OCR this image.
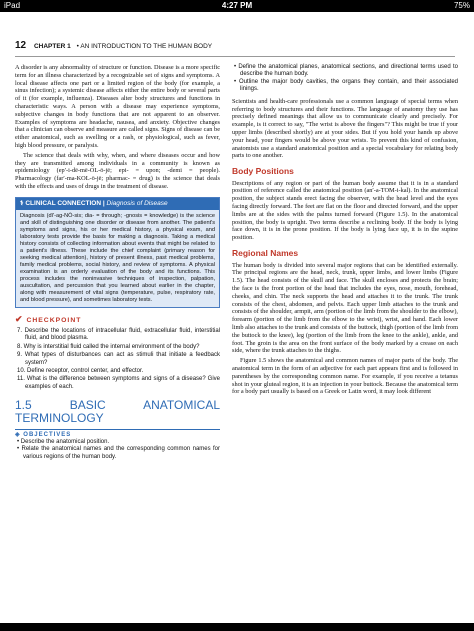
iPad	4:27 PM	75%
12 CHAPTER 1 • AN INTRODUCTION TO THE HUMAN BODY

A disorder is any abnormality of structure or function. Disease is a more specific term for an illness characterized by a recognizable set of signs and symptoms. A local disease affects one part or a limited region of the body (for example, a sinus infection); a systemic disease affects either the entire body or several parts of it (for example, influenza). Diseases alter body structures and functions in characteristic ways. A person with a disease may experience symptoms, subjective changes in body functions that are not apparent to an observer. Examples of symptoms are headache, nausea, and anxiety. Objective changes that a clinician can observe and measure are called signs. Signs of disease can be either anatomical, such as swelling or a rash, or physiological, such as fever, high blood pressure, or paralysis.

The science that deals with why, when, and where diseases occur and how they are transmitted among individuals in a community is known as epidemiology (ep′-i-dē-mē-OL-ō-jē; epi- = upon; -demi = people). Pharmacology (far′-ma-KOL-ō-jē; pharmac- = drug) is the science that deals with the effects and uses of drugs in the treatment of disease.

⚕ CLINICAL CONNECTION | Diagnosis of Disease
Diagnosis (dī′-ag-NŌ-sis; dia- = through; -gnosis = knowledge) is the science and skill of distinguishing one disorder or disease from another. The patient's symptoms and signs, his or her medical history, a physical exam, and laboratory tests provide the basis for making a diagnosis. Taking a medical history consists of collecting information about events that might be related to a patient's illness. These include the chief complaint (primary reason for seeking medical attention), history of present illness, past medical problems, family medical problems, social history, and review of symptoms. A physical examination is an orderly evaluation of the body and its functions. This process includes the noninvasive techniques of inspection, palpation, auscultation, and percussion that you learned about earlier in the chapter, along with measurement of vital signs (temperature, pulse, respiratory rate, and blood pressure), and sometimes laboratory tests.
✔ CHECKPOINT
7. Describe the locations of intracellular fluid, extracellular fluid, interstitial fluid, and blood plasma.
8. Why is interstitial fluid called the internal environment of the body?
9. What types of disturbances can act as stimuli that initiate a feedback system?
10. Define receptor, control center, and effector.
11. What is the difference between symptoms and signs of a disease? Give examples of each.
1.5 BASIC ANATOMICAL TERMINOLOGY
◈ OBJECTIVES
• Describe the anatomical position.
• Relate the anatomical names and the corresponding common names for various regions of the human body.
• Define the anatomical planes, anatomical sections, and directional terms used to describe the human body.
• Outline the major body cavities, the organs they contain, and their associated linings.

Scientists and health-care professionals use a common language of special terms when referring to body structures and their functions. The language of anatomy they use has precisely defined meanings that allow us to communicate clearly and precisely. For example, is it correct to say, "The wrist is above the fingers"? This might be true if your upper limbs (described shortly) are at your sides. But if you hold your hands up above your head, your fingers would be above your wrists. To prevent this kind of confusion, anatomists use a standard anatomical position and a special vocabulary for relating body parts to one another.

Body Positions

Descriptions of any region or part of the human body assume that it is in a standard position of reference called the anatomical position (an′-a-TOM-i-kal). In the anatomical position, the subject stands erect facing the observer, with the head level and the eyes facing directly forward. The feet are flat on the floor and directed forward, and the upper limbs are at the sides with the palms turned forward (Figure 1.5). In the anatomical position, the body is upright. Two terms describe a reclining body. If the body is lying face down, it is in the prone position. If the body is lying face up, it is in the supine position.

Regional Names

The human body is divided into several major regions that can be identified externally. The principal regions are the head, neck, trunk, upper limbs, and lower limbs (Figure 1.5). The head consists of the skull and face. The skull encloses and protects the brain; the face is the front portion of the head that includes the eyes, nose, mouth, forehead, cheeks, and chin. The neck supports the head and attaches it to the trunk. The trunk consists of the chest, abdomen, and pelvis. Each upper limb attaches to the trunk and consists of the shoulder, armpit, arm (portion of the limb from the shoulder to the elbow), forearm (portion of the limb from the elbow to the wrist), wrist, and hand. Each lower limb also attaches to the trunk and consists of the buttock, thigh (portion of the limb from the buttock to the knee), leg (portion of the limb from the knee to the ankle), ankle, and foot. The groin is the area on the front surface of the body marked by a crease on each side, where the trunk attaches to the thighs.

Figure 1.5 shows the anatomical and common names of major parts of the body. The anatomical term in the form of an adjective for each part appears first and is followed in parentheses by the corresponding common name. For example, if you receive a tetanus shot in your gluteal region, it is an injection in your buttock. Because the anatomical term for a body part usually is based on a Greek or Latin word, it may look different
